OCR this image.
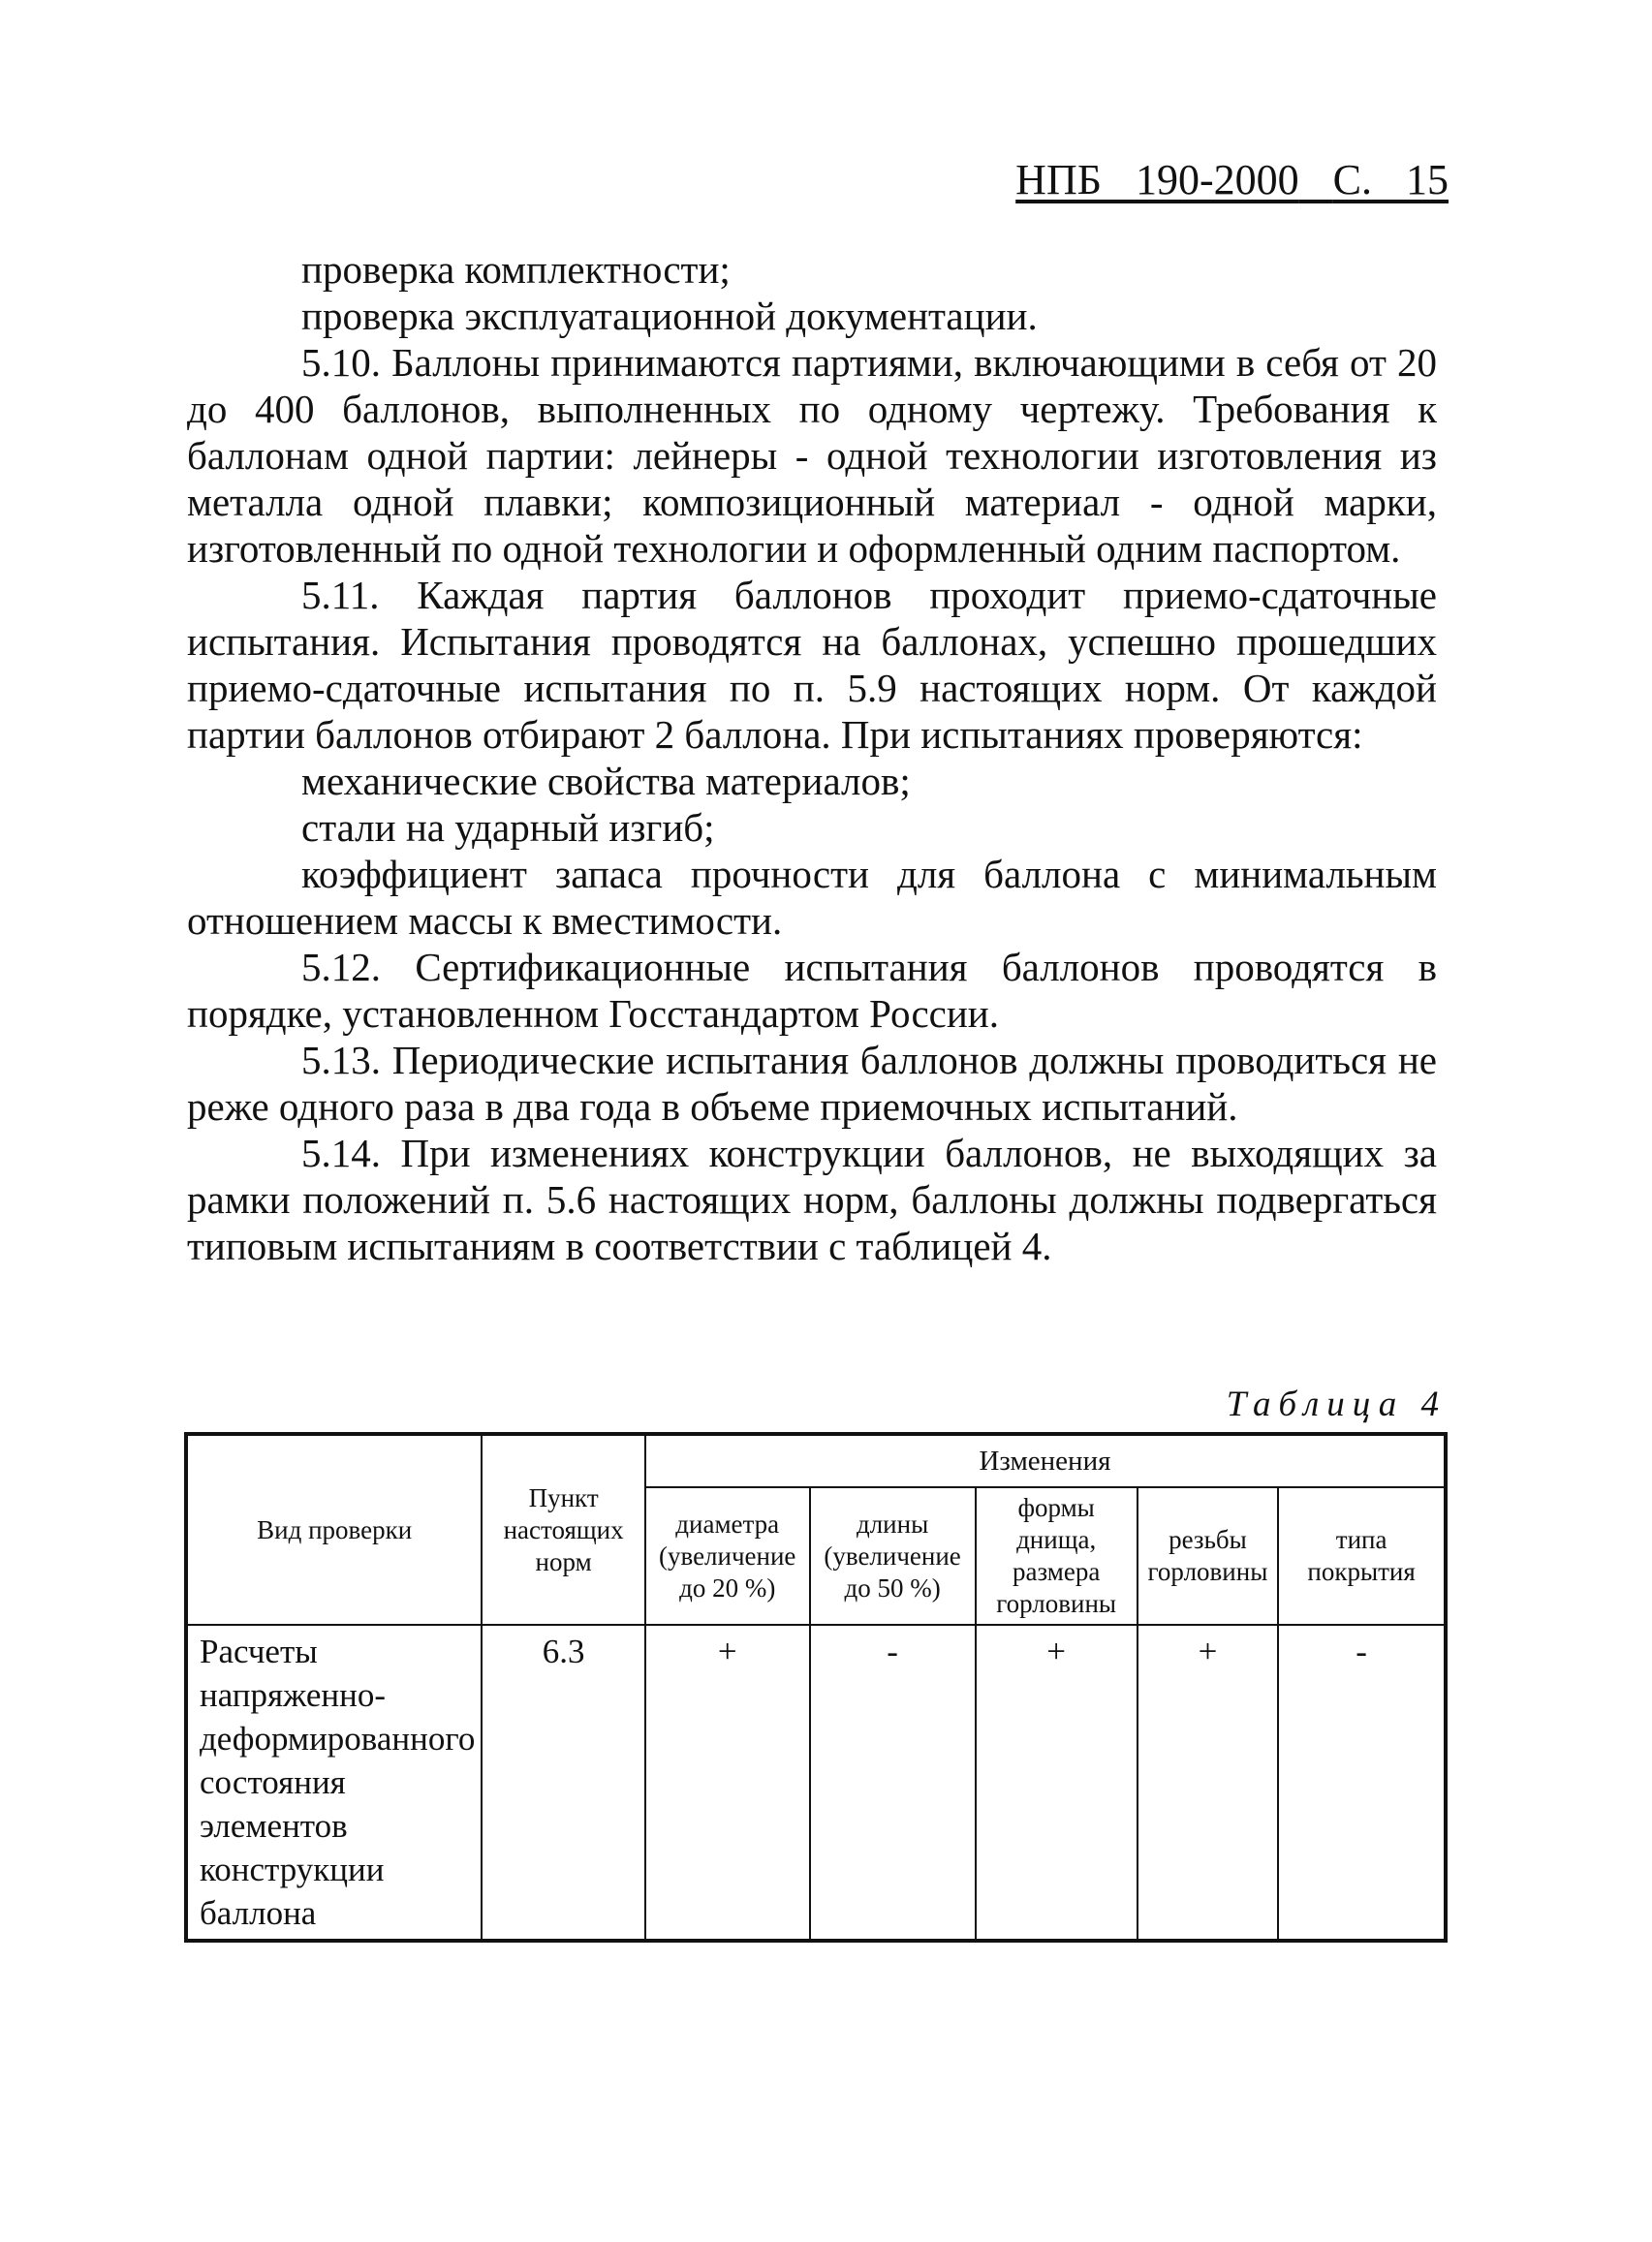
НПБ 190-2000 С. 15

проверка комплектности;

проверка эксплуатационной документации.

5.10. Баллоны принимаются партиями, включающими в себя от 20 до 400 баллонов, выполненных по одному чертежу. Требования к баллонам одной партии: лейнеры - одной технологии изготовления из металла одной плавки; композиционный материал - одной марки, изготовленный по одной технологии и оформленный одним паспортом.

5.11. Каждая партия баллонов проходит приемо-сдаточные испытания. Испытания проводятся на баллонах, успешно прошедших приемо-сдаточные испытания по п. 5.9 настоящих норм. От каждой партии баллонов отбирают 2 баллона. При испытаниях проверяются:

механические свойства материалов;

стали на ударный изгиб;

коэффициент запаса прочности для баллона с минимальным отношением массы к вместимости.

5.12. Сертификационные испытания баллонов проводятся в порядке, установленном Госстандартом России.

5.13. Периодические испытания баллонов должны проводиться не реже одного раза в два года в объеме приемочных испытаний.

5.14. При изменениях конструкции баллонов, не выходящих за рамки положений п. 5.6 настоящих норм, баллоны должны подвергаться типовым испытаниям в соответствии с таблицей 4.

Таблица 4
Вид проверки	Пункт настоящих норм	Изменения				
		диаметра (увеличение до 20 %)	длины (увеличение до 50 %)	формы днища, размера горловины	резьбы горловины	типа покрытия
Расчеты напряженно-деформированного состояния элементов конструкции баллона	6.3	+	-	+	+	-
